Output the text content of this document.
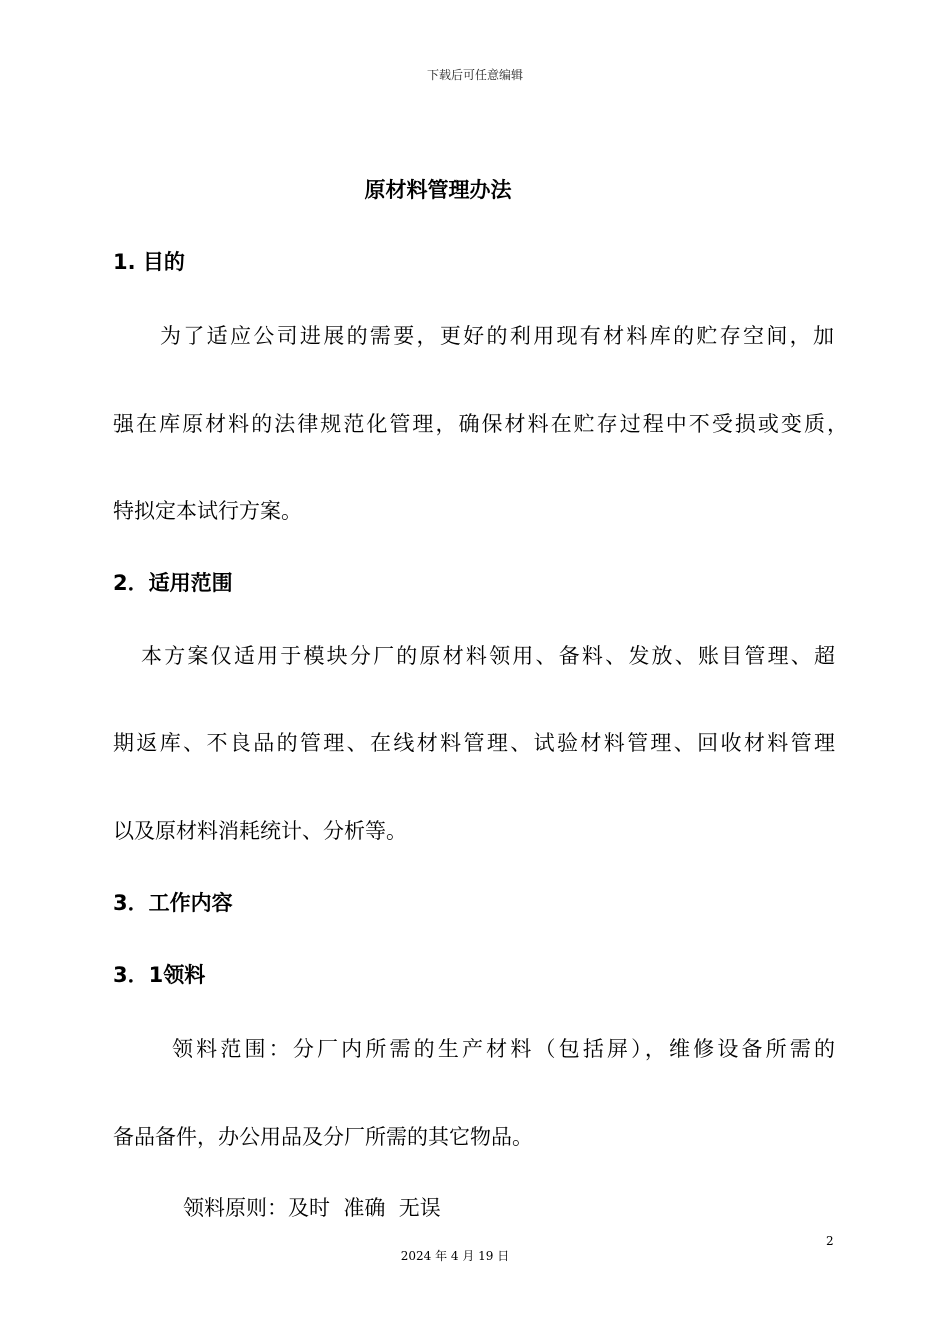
下载后可任意编辑
原材料管理办法
1. 目的
为了适应公司进展的需要，更好的利用现有材料库的贮存空间，加
强在库原材料的法律规范化管理，确保材料在贮存过程中不受损或变质，
特拟定本试行方案。
2．适用范围
本方案仅适用于模块分厂的原材料领用、备料、发放、账目管理、超
期返库、不良品的管理、在线材料管理、试验材料管理、回收材料管理
以及原材料消耗统计、分析等。
3．工作内容
3．1领料
领料范围：分厂内所需的生产材料（包括屏），维修设备所需的
备品备件，办公用品及分厂所需的其它物品。
领料原则：及时  准确  无误
2
2024 年 4 月 19 日
